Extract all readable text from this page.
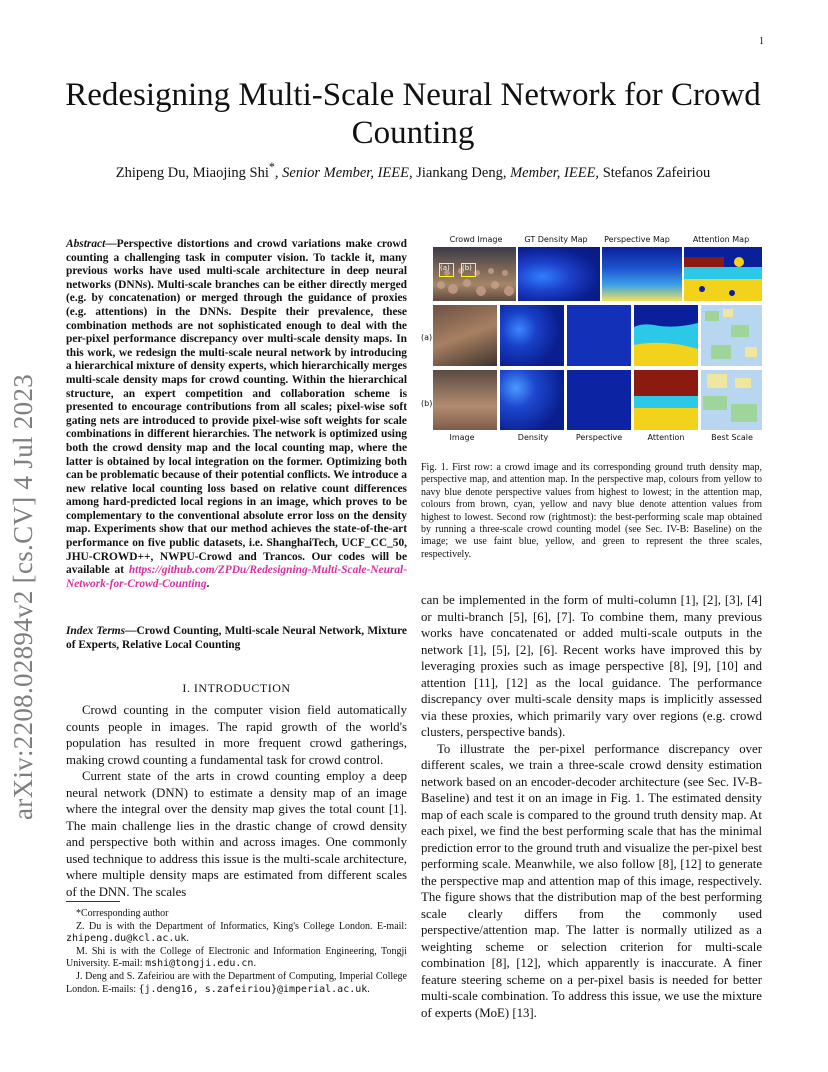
1
arXiv:2208.02894v2 [cs.CV] 4 Jul 2023
Redesigning Multi-Scale Neural Network for Crowd Counting
Zhipeng Du, Miaojing Shi*, Senior Member, IEEE, Jiankang Deng, Member, IEEE, Stefanos Zafeiriou
Abstract—Perspective distortions and crowd variations make crowd counting a challenging task in computer vision. To tackle it, many previous works have used multi-scale architecture in deep neural networks (DNNs). Multi-scale branches can be either directly merged (e.g. by concatenation) or merged through the guidance of proxies (e.g. attentions) in the DNNs. Despite their prevalence, these combination methods are not sophisticated enough to deal with the per-pixel performance discrepancy over multi-scale density maps. In this work, we redesign the multi-scale neural network by introducing a hierarchical mixture of density experts, which hierarchically merges multi-scale density maps for crowd counting. Within the hierarchical structure, an expert competition and collaboration scheme is presented to encourage contributions from all scales; pixel-wise soft gating nets are introduced to provide pixel-wise soft weights for scale combinations in different hierarchies. The network is optimized using both the crowd density map and the local counting map, where the latter is obtained by local integration on the former. Optimizing both can be problematic because of their potential conflicts. We introduce a new relative local counting loss based on relative count differences among hard-predicted local regions in an image, which proves to be complementary to the conventional absolute error loss on the density map. Experiments show that our method achieves the state-of-the-art performance on five public datasets, i.e. ShanghaiTech, UCF_CC_50, JHU-CROWD++, NWPU-Crowd and Trancos. Our codes will be available at https://github.com/ZPDu/Redesigning-Multi-Scale-Neural-Network-for-Crowd-Counting.
Index Terms—Crowd Counting, Multi-scale Neural Network, Mixture of Experts, Relative Local Counting
I. INTRODUCTION

Crowd counting in the computer vision field automatically counts people in images. The rapid growth of the world's population has resulted in more frequent crowd gatherings, making crowd counting a fundamental task for crowd control.

Current state of the arts in crowd counting employ a deep neural network (DNN) to estimate a density map of an image where the integral over the density map gives the total count [1]. The main challenge lies in the drastic change of crowd density and perspective both within and across images. One commonly used technique to address this issue is the multi-scale architecture, where multiple density maps are estimated from different scales of the DNN. The scales

*Corresponding author

Z. Du is with the Department of Informatics, King's College London. E-mail: zhipeng.du@kcl.ac.uk.

M. Shi is with the College of Electronic and Information Engineering, Tongji University. E-mail: mshi@tongji.edu.cn.

J. Deng and S. Zafeiriou are with the Department of Computing, Imperial College London. E-mails: {j.deng16, s.zafeiriou}@imperial.ac.uk.

Crowd Image	GT Density Map	Perspective Map	Attention Map
(a)	(b)
(a)
(b)
Image	Density	Perspective	Attention	Best Scale
Fig. 1. First row: a crowd image and its corresponding ground truth density map, perspective map, and attention map. In the perspective map, colours from yellow to navy blue denote perspective values from highest to lowest; in the attention map, colours from brown, cyan, yellow and navy blue denote attention values from highest to lowest. Second row (rightmost): the best-performing scale map obtained by running a three-scale crowd counting model (see Sec. IV-B: Baseline) on the image; we use faint blue, yellow, and green to represent the three scales, respectively.

can be implemented in the form of multi-column [1], [2], [3], [4] or multi-branch [5], [6], [7]. To combine them, many previous works have concatenated or added multi-scale outputs in the network [1], [5], [2], [6]. Recent works have improved this by leveraging proxies such as image perspective [8], [9], [10] and attention [11], [12] as the local guidance. The performance discrepancy over multi-scale density maps is implicitly assessed via these proxies, which primarily vary over regions (e.g. crowd clusters, perspective bands).

To illustrate the per-pixel performance discrepancy over different scales, we train a three-scale crowd density estimation network based on an encoder-decoder architecture (see Sec. IV-B-Baseline) and test it on an image in Fig. 1. The estimated density map of each scale is compared to the ground truth density map. At each pixel, we find the best performing scale that has the minimal prediction error to the ground truth and visualize the per-pixel best performing scale. Meanwhile, we also follow [8], [12] to generate the perspective map and attention map of this image, respectively. The figure shows that the distribution map of the best performing scale clearly differs from the commonly used perspective/attention map. The latter is normally utilized as a weighting scheme or selection criterion for multi-scale combination [8], [12], which apparently is inaccurate. A finer feature steering scheme on a per-pixel basis is needed for better multi-scale combination. To address this issue, we use the mixture of experts (MoE) [13].
